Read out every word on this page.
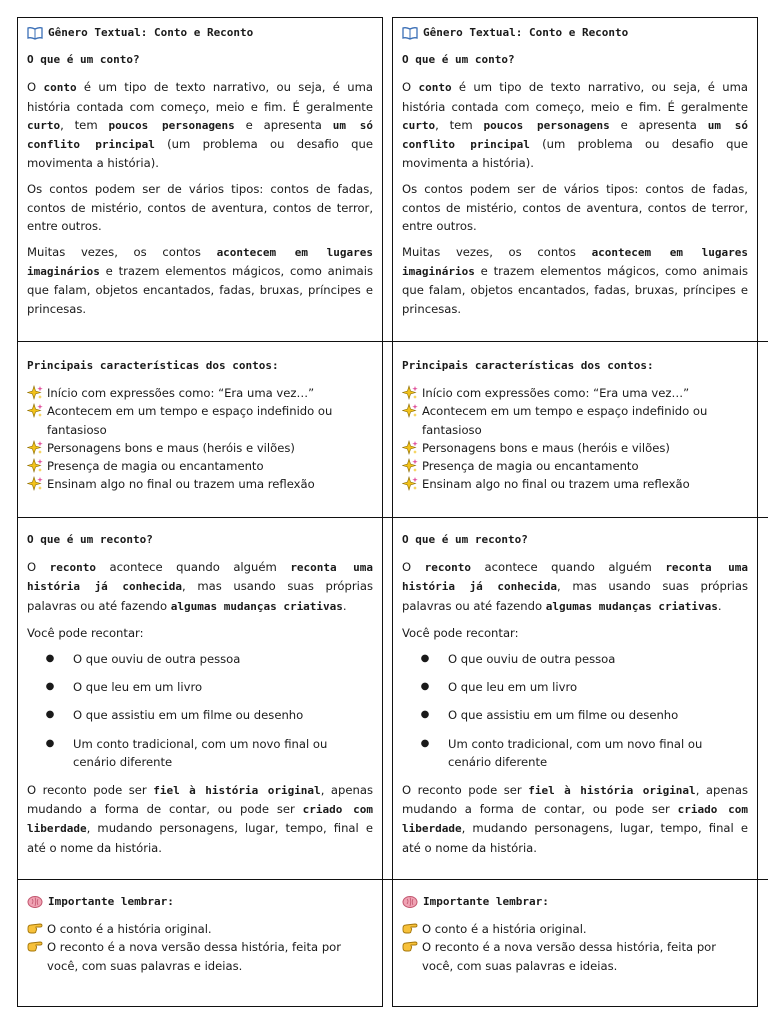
Gênero Textual: Conto e Reconto
O que é um conto?

O conto é um tipo de texto narrativo, ou seja, é uma história contada com começo, meio e fim. É geralmente curto, tem poucos personagens e apresenta um só conflito principal (um problema ou desafio que movimenta a história).

Os contos podem ser de vários tipos: contos de fadas, contos de mistério, contos de aventura, contos de terror, entre outros.

Muitas vezes, os contos acontecem em lugares imaginários e trazem elementos mágicos, como animais que falam, objetos encantados, fadas, bruxas, príncipes e princesas.

Principais características dos contos:
Início com expressões como: “Era uma vez…”
Acontecem em um tempo e espaço indefinido ou fantasioso
Personagens bons e maus (heróis e vilões)
Presença de magia ou encantamento
Ensinam algo no final ou trazem uma reflexão
O que é um reconto?

O reconto acontece quando alguém reconta uma história já conhecida, mas usando suas próprias palavras ou até fazendo algumas mudanças criativas.

Você pode recontar:

●	O que ouviu de outra pessoa
●	O que leu em um livro
●	O que assistiu em um filme ou desenho
●	Um conto tradicional, com um novo final ou cenário diferente

O reconto pode ser fiel à história original, apenas mudando a forma de contar, ou pode ser criado com liberdade, mudando personagens, lugar, tempo, final e até o nome da história.

Importante lembrar:
O conto é a história original.
O reconto é a nova versão dessa história, feita por você, com suas palavras e ideias.
Gênero Textual: Conto e Reconto
O que é um conto?

O conto é um tipo de texto narrativo, ou seja, é uma história contada com começo, meio e fim. É geralmente curto, tem poucos personagens e apresenta um só conflito principal (um problema ou desafio que movimenta a história).

Os contos podem ser de vários tipos: contos de fadas, contos de mistério, contos de aventura, contos de terror, entre outros.

Muitas vezes, os contos acontecem em lugares imaginários e trazem elementos mágicos, como animais que falam, objetos encantados, fadas, bruxas, príncipes e princesas.

Principais características dos contos:
Início com expressões como: “Era uma vez…”
Acontecem em um tempo e espaço indefinido ou fantasioso
Personagens bons e maus (heróis e vilões)
Presença de magia ou encantamento
Ensinam algo no final ou trazem uma reflexão
O que é um reconto?

O reconto acontece quando alguém reconta uma história já conhecida, mas usando suas próprias palavras ou até fazendo algumas mudanças criativas.

Você pode recontar:

●	O que ouviu de outra pessoa
●	O que leu em um livro
●	O que assistiu em um filme ou desenho
●	Um conto tradicional, com um novo final ou cenário diferente

O reconto pode ser fiel à história original, apenas mudando a forma de contar, ou pode ser criado com liberdade, mudando personagens, lugar, tempo, final e até o nome da história.

Importante lembrar:
O conto é a história original.
O reconto é a nova versão dessa história, feita por você, com suas palavras e ideias.
